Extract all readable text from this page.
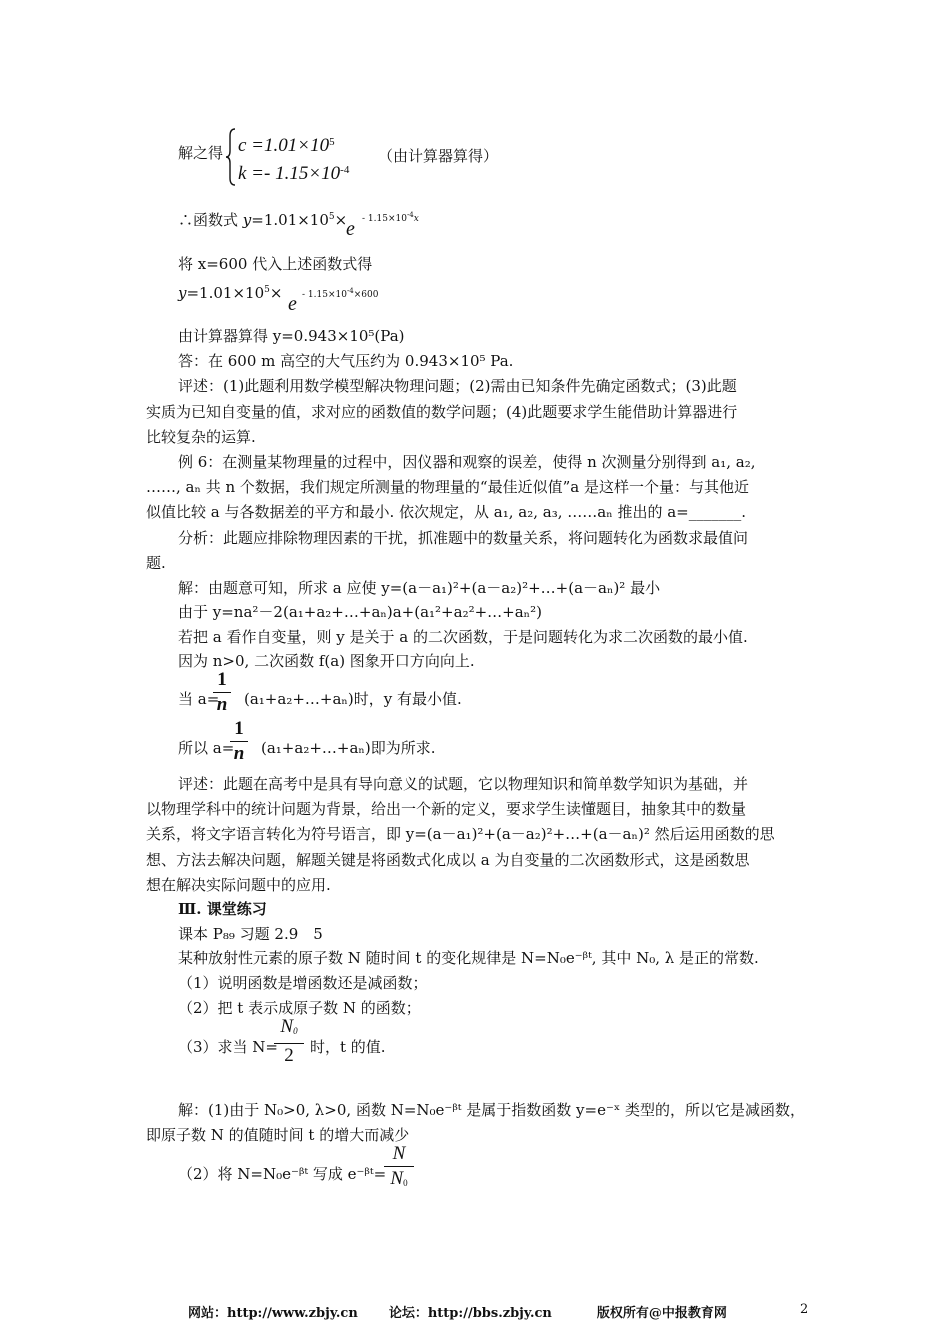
解之得 $c =1.01\times 10^5$
$k =- 1.15\times 10^{-4}$
（由计算器算得）
∴函数式 $y=1.01\times 10^5\times$
$e - 1.15\times 10^{-4}x$
将 x=600 代入上述函数式得
$y=1.01\times 10^5\times e - 1.15\times 10^{-4}\times 600$
由计算器算得 y=0.943×10⁵(Pa)
答：在 600 m 高空的大气压约为 0.943×10⁵ Pa.
评述：(1)此题利用数学模型解决物理问题；(2)需由已知条件先确定函数式；(3)此题
实质为已知自变量的值，求对应的函数值的数学问题；(4)此题要求学生能借助计算器进行
比较复杂的运算.
例 6：在测量某物理量的过程中，因仪器和观察的误差，使得 n 次测量分别得到 a₁, a₂,
……, aₙ 共 n 个数据，我们规定所测量的物理量的“最佳近似值”a 是这样一个量：与其他近
似值比较 a 与各数据差的平方和最小. 依次规定，从 a₁, a₂, a₃, ……aₙ 推出的 a=_______.
分析：此题应排除物理因素的干扰，抓准题中的数量关系，将问题转化为函数求最值问
题.
解：由题意可知，所求 a 应使 y=(a－a₁)²+(a－a₂)²+…+(a－aₙ)² 最小
由于 y=na²－2(a₁+a₂+…+aₙ)a+(a₁²+a₂²+…+aₙ²)
若把 a 看作自变量，则 y 是关于 a 的二次函数，于是问题转化为求二次函数的最小值.
因为 n>0, 二次函数 f(a) 图象开口方向向上.
当 a=
1
n (a₁+a₂+…+aₙ)时，y 有最小值.
所以 a=
1
n (a₁+a₂+…+aₙ)即为所求.
评述：此题在高考中是具有导向意义的试题，它以物理知识和简单数学知识为基础，并
以物理学科中的统计问题为背景，给出一个新的定义，要求学生读懂题目，抽象其中的数量
关系，将文字语言转化为符号语言，即 y=(a－a₁)²+(a－a₂)²+…+(a－aₙ)² 然后运用函数的思
想、方法去解决问题，解题关键是将函数式化成以 a 为自变量的二次函数形式，这是函数思
想在解决实际问题中的应用.
Ⅲ. 课堂练习
课本 P₈₉ 习题 2.9　5
某种放射性元素的原子数 N 随时间 t 的变化规律是 N=N₀e⁻ᵝᵗ, 其中 N₀, λ 是正的常数.
（1）说明函数是增函数还是减函数；
（2）把 t 表示成原子数 N 的函数；
（3）求当 N=
$N_0$
2	时，t 的值.
解：(1)由于 N₀>0, λ>0, 函数 N=N₀e⁻ᵝᵗ 是属于指数函数 y=e⁻ˣ 类型的，所以它是减函数，
即原子数 N 的值随时间 t 的增大而减少
（2）将 N=N₀e⁻ᵝᵗ 写成 e⁻ᵝᵗ=
N
$N_0$
网站：http://www.zbjy.cn 论坛：http://bbs.zbjy.cn	版权所有@中报教育网	2
